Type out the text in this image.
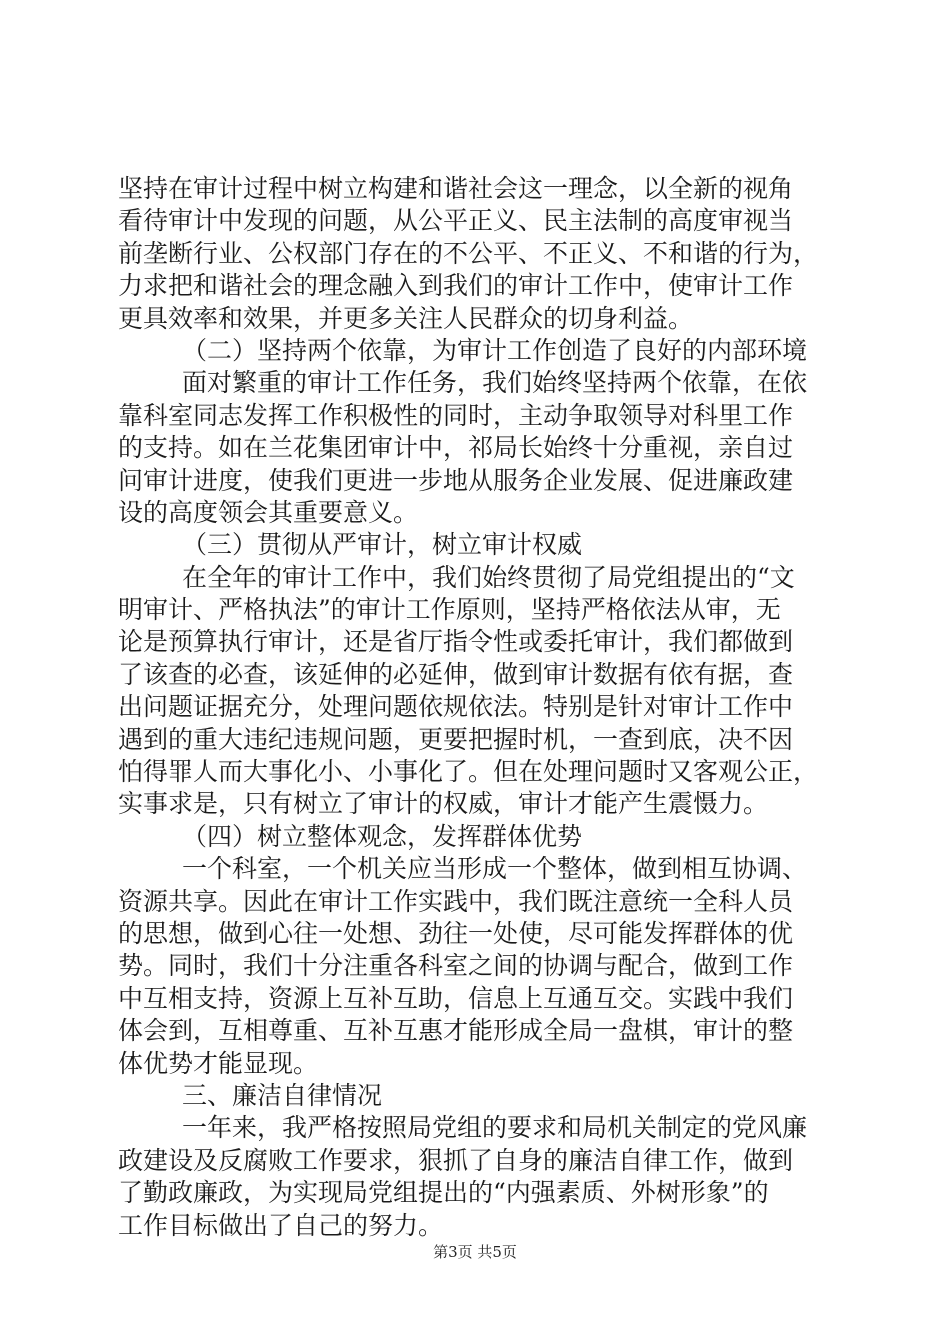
坚持在审计过程中树立构建和谐社会这一理念，以全新的视角
看待审计中发现的问题，从公平正义、民主法制的高度审视当
前垄断行业、公权部门存在的不公平、不正义、不和谐的行为，
力求把和谐社会的理念融入到我们的审计工作中，使审计工作
更具效率和效果，并更多关注人民群众的切身利益。
（二）坚持两个依靠，为审计工作创造了良好的内部环境
面对繁重的审计工作任务，我们始终坚持两个依靠，在依
靠科室同志发挥工作积极性的同时，主动争取领导对科里工作
的支持。如在兰花集团审计中，祁局长始终十分重视，亲自过
问审计进度，使我们更进一步地从服务企业发展、促进廉政建
设的高度领会其重要意义。
（三）贯彻从严审计，树立审计权威
在全年的审计工作中，我们始终贯彻了局党组提出的“文
明审计、严格执法”的审计工作原则，坚持严格依法从审，无
论是预算执行审计，还是省厅指令性或委托审计，我们都做到
了该查的必查，该延伸的必延伸，做到审计数据有依有据，查
出问题证据充分，处理问题依规依法。特别是针对审计工作中
遇到的重大违纪违规问题，更要把握时机，一查到底，决不因
怕得罪人而大事化小、小事化了。但在处理问题时又客观公正，
实事求是，只有树立了审计的权威，审计才能产生震慑力。
（四）树立整体观念，发挥群体优势
一个科室，一个机关应当形成一个整体，做到相互协调、
资源共享。因此在审计工作实践中，我们既注意统一全科人员
的思想，做到心往一处想、劲往一处使，尽可能发挥群体的优
势。同时，我们十分注重各科室之间的协调与配合，做到工作
中互相支持，资源上互补互助，信息上互通互交。实践中我们
体会到，互相尊重、互补互惠才能形成全局一盘棋，审计的整
体优势才能显现。
三、廉洁自律情况
一年来，我严格按照局党组的要求和局机关制定的党风廉
政建设及反腐败工作要求，狠抓了自身的廉洁自律工作，做到
了勤政廉政，为实现局党组提出的“内强素质、外树形象”的
工作目标做出了自己的努力。
第3页 共5页
